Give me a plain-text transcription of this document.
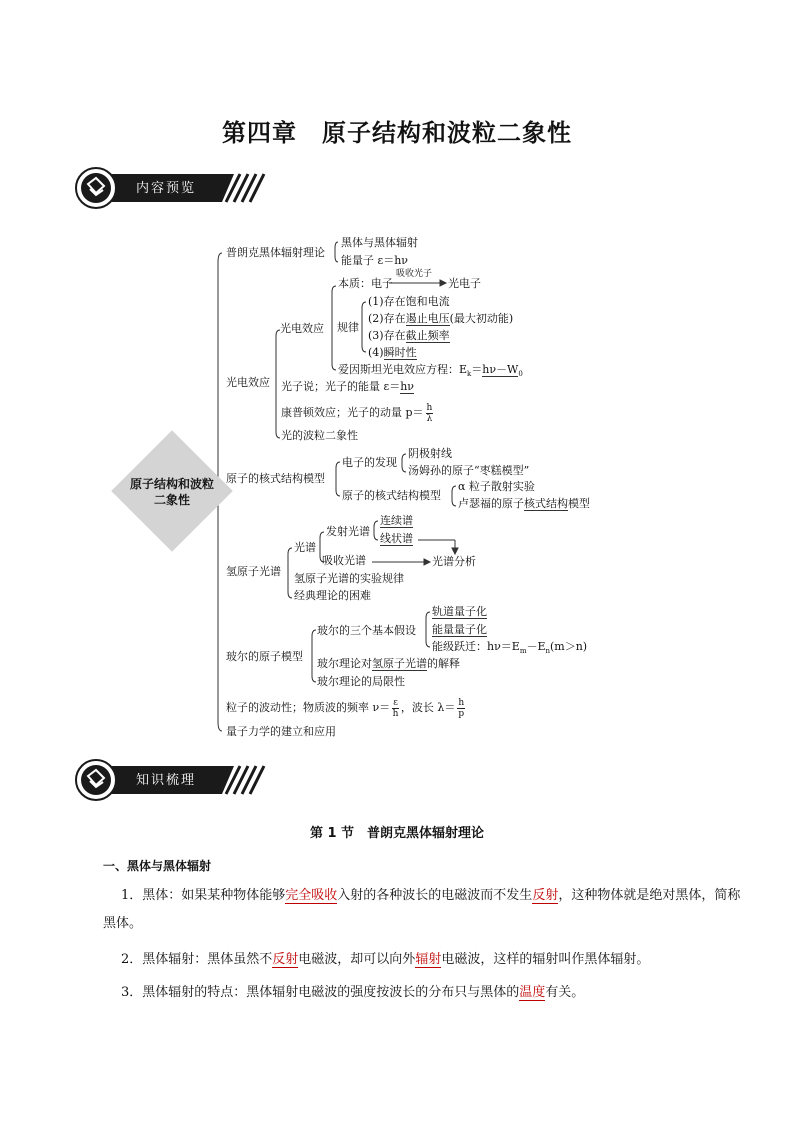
第四章　原子结构和波粒二象性
内容预览
原子结构和波粒二象性
普朗克黑体辐射理论
黑体与黑体辐射
能量子 ε＝hν
光电效应
光电效应
本质：电子
吸收光子
光电子
规律
(1)存在饱和电流
(2)存在遏止电压(最大初动能)
(3)存在截止频率
(4)瞬时性
爱因斯坦光电效应方程：$E_k=h\nu-W_0$
光子说；光子的能量 ε＝hν
康普顿效应；光子的动量 $p= \frac{h}{\lambda}$
光的波粒二象性
原子的核式结构模型
电子的发现
阴极射线
汤姆孙的原子“枣糕模型”
原子的核式结构模型
α 粒子散射实验
卢瑟福的原子核式结构模型
氢原子光谱
光谱
发射光谱
连续谱
线状谱
吸收光谱	光谱分析
氢原子光谱的实验规律
经典理论的困难
玻尔的原子模型
玻尔的三个基本假设
轨道量子化
能量量子化
能级跃迁：$h\nu=E_m-E_n(m>n)$
玻尔理论对氢原子光谱的解释
玻尔理论的局限性
粒子的波动性；物质波的频率 $\nu= \frac{\varepsilon}{h}$ ，波长 $\lambda= \frac{h}{p}$
量子力学的建立和应用
知识梳理
第 1 节　普朗克黑体辐射理论
一、黑体与黑体辐射
1．黑体：如果某种物体能够完全吸收入射的各种波长的电磁波而不发生反射，这种物体就是绝对黑体，简称黑体。
2．黑体辐射：黑体虽然不反射电磁波，却可以向外辐射电磁波，这样的辐射叫作黑体辐射。
3．黑体辐射的特点：黑体辐射电磁波的强度按波长的分布只与黑体的温度有关。
